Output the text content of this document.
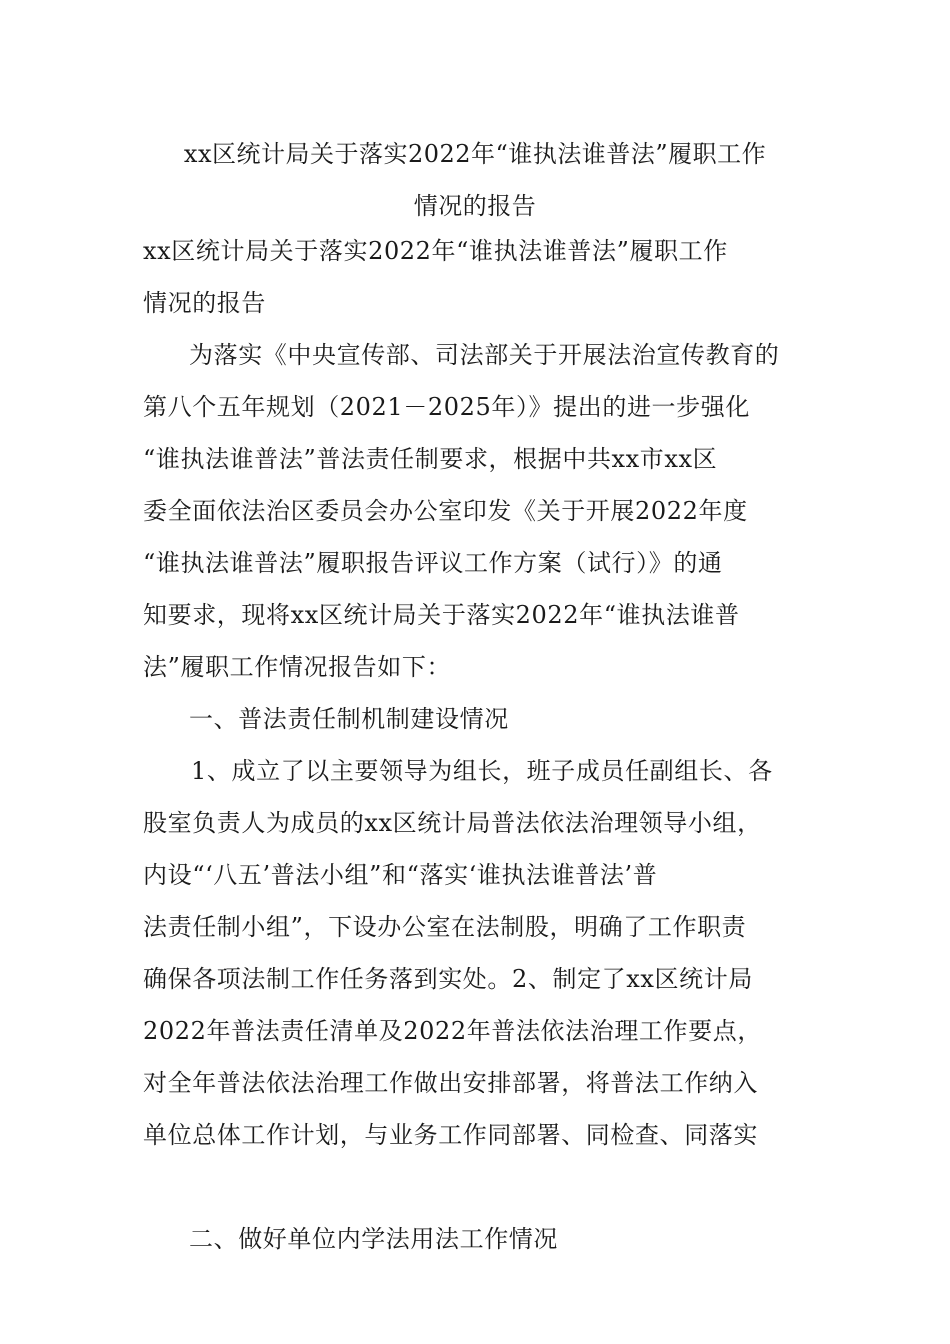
xx区统计局关于落实2022年“谁执法谁普法”履职工作
情况的报告
xx区统计局关于落实2022年“谁执法谁普法”履职工作
情况的报告
为落实《中央宣传部、司法部关于开展法治宣传教育的
第八个五年规划（2021－2025年）》提出的进一步强化
“谁执法谁普法”普法责任制要求，根据中共xx市xx区
委全面依法治区委员会办公室印发《关于开展2022年度
“谁执法谁普法”履职报告评议工作方案（试行）》的通
知要求，现将xx区统计局关于落实2022年“谁执法谁普
法”履职工作情况报告如下：
一、普法责任制机制建设情况
1、成立了以主要领导为组长，班子成员任副组长、各
股室负责人为成员的xx区统计局普法依法治理领导小组，
内设“‘八五’普法小组”和“落实‘谁执法谁普法’普
法责任制小组”，下设办公室在法制股，明确了工作职责
确保各项法制工作任务落到实处。2、制定了xx区统计局
2022年普法责任清单及2022年普法依法治理工作要点，
对全年普法依法治理工作做出安排部署，将普法工作纳入
单位总体工作计划，与业务工作同部署、同检查、同落实
二、做好单位内学法用法工作情况
